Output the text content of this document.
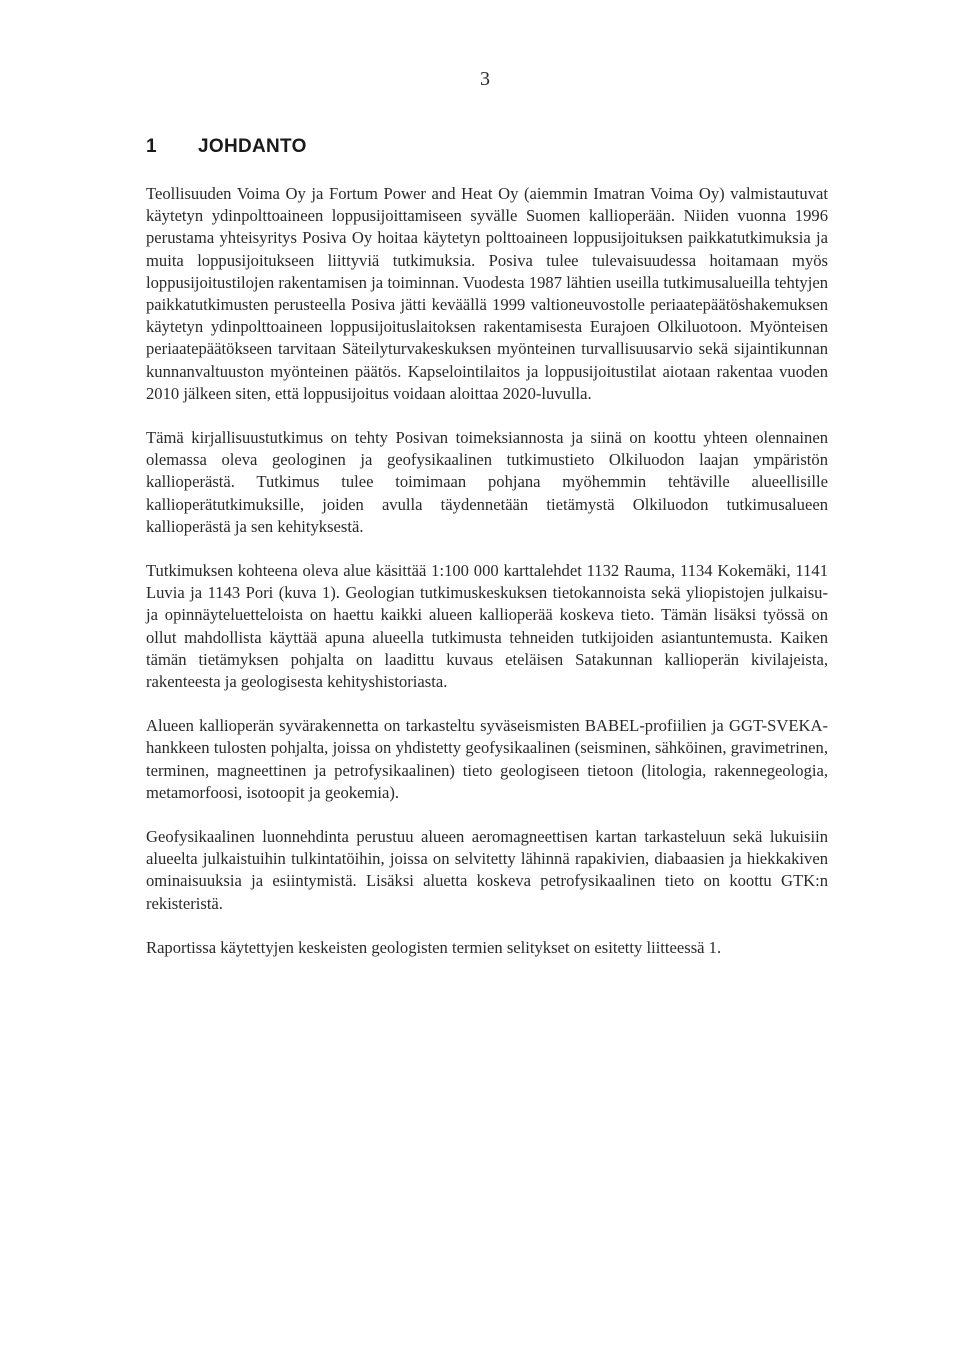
3

1 JOHDANTO

Teollisuuden Voima Oy ja Fortum Power and Heat Oy (aiemmin Imatran Voima Oy) valmistautuvat käytetyn ydinpolttoaineen loppusijoittamiseen syvälle Suomen kallioperään. Niiden vuonna 1996 perustama yhteisyritys Posiva Oy hoitaa käytetyn polttoaineen loppusijoituksen paikkatutkimuksia ja muita loppusijoitukseen liittyviä tutkimuksia. Posiva tulee tulevaisuudessa hoitamaan myös loppusijoitustilojen rakentamisen ja toiminnan. Vuodesta 1987 lähtien useilla tutkimusalueilla tehtyjen paikkatutkimusten perusteella Posiva jätti keväällä 1999 valtioneuvostolle periaatepäätöshakemuksen käytetyn ydinpolttoaineen loppusijoituslaitoksen rakentamisesta Eurajoen Olkiluotoon. Myönteisen periaatepäätökseen tarvitaan Säteilyturvakeskuksen myönteinen turvallisuusarvio sekä sijaintikunnan kunnanvaltuuston myönteinen päätös. Kapselointilaitos ja loppusijoitustilat aiotaan rakentaa vuoden 2010 jälkeen siten, että loppusijoitus voidaan aloittaa 2020-luvulla.

Tämä kirjallisuustutkimus on tehty Posivan toimeksiannosta ja siinä on koottu yhteen olennainen olemassa oleva geologinen ja geofysikaalinen tutkimustieto Olkiluodon laajan ympäristön kallioperästä. Tutkimus tulee toimimaan pohjana myöhemmin tehtäville alueellisille kallioperätutkimuksille, joiden avulla täydennetään tietämystä Olkiluodon tutkimusalueen kallioperästä ja sen kehityksestä.

Tutkimuksen kohteena oleva alue käsittää 1:100 000 karttalehdet 1132 Rauma, 1134 Kokemäki, 1141 Luvia ja 1143 Pori (kuva 1). Geologian tutkimuskeskuksen tietokannoista sekä yliopistojen julkaisu- ja opinnäyteluetteloista on haettu kaikki alueen kallioperää koskeva tieto. Tämän lisäksi työssä on ollut mahdollista käyttää apuna alueella tutkimusta tehneiden tutkijoiden asiantuntemusta. Kaiken tämän tietämyksen pohjalta on laadittu kuvaus eteläisen Satakunnan kallioperän kivilajeista, rakenteesta ja geologisesta kehityshistoriasta.

Alueen kallioperän syvärakennetta on tarkasteltu syväseismisten BABEL-profiilien ja GGT-SVEKA-hankkeen tulosten pohjalta, joissa on yhdistetty geofysikaalinen (seisminen, sähköinen, gravimetrinen, terminen, magneettinen ja petrofysikaalinen) tieto geologiseen tietoon (litologia, rakennegeologia, metamorfoosi, isotoopit ja geokemia).

Geofysikaalinen luonnehdinta perustuu alueen aeromagneettisen kartan tarkasteluun sekä lukuisiin alueelta julkaistuihin tulkintatöihin, joissa on selvitetty lähinnä rapakivien, diabaasien ja hiekkakiven ominaisuuksia ja esiintymistä. Lisäksi aluetta koskeva petrofysikaalinen tieto on koottu GTK:n rekisteristä.

Raportissa käytettyjen keskeisten geologisten termien selitykset on esitetty liitteessä 1.
